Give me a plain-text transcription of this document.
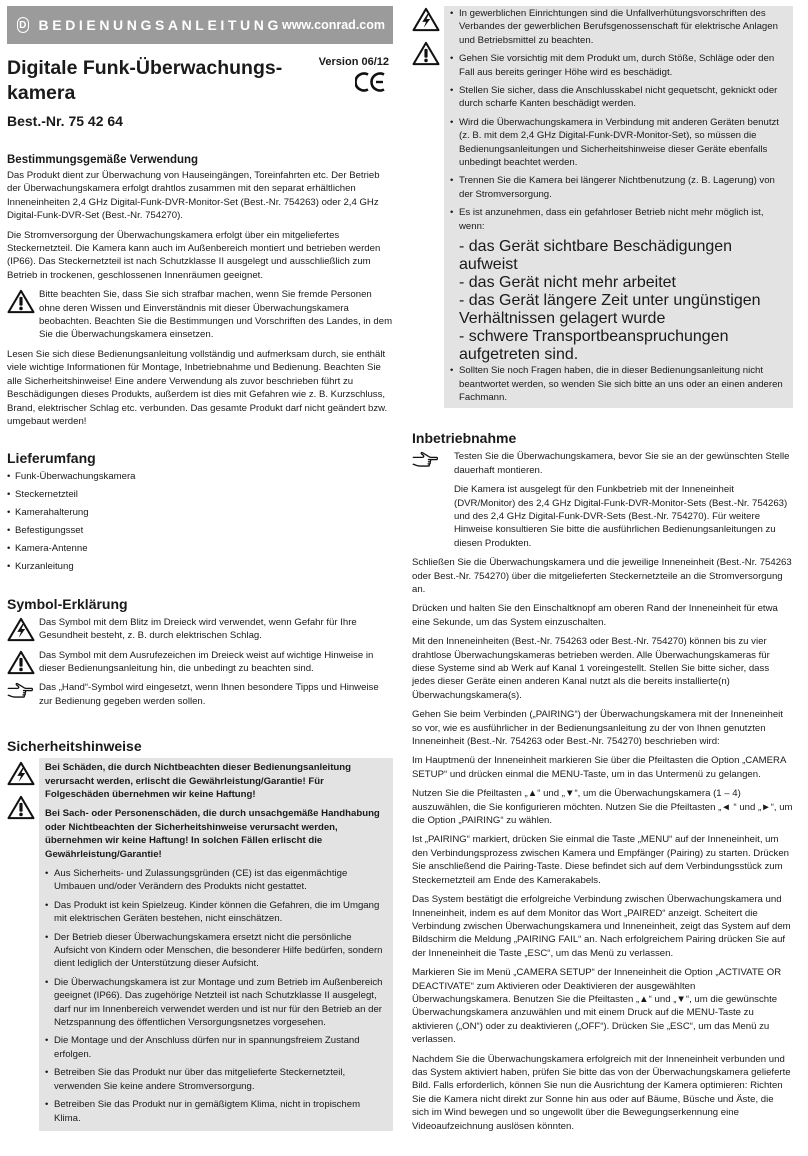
D BEDIENUNGSANLEITUNG www.conrad.com
Digitale Funk-Überwachungs-kamera
Version 06/12
Best.-Nr. 75 42 64
Bestimmungsgemäße Verwendung

Das Produkt dient zur Überwachung von Hauseingängen, Toreinfahrten etc. Der Betrieb der Überwachungskamera erfolgt drahtlos zusammen mit den separat erhältlichen Inneneinheiten 2,4 GHz Digital-Funk-DVR-Monitor-Set (Best.-Nr. 754263) oder 2,4 GHz Digital-Funk-DVR-Set (Best.-Nr. 754270).

Die Stromversorgung der Überwachungskamera erfolgt über ein mitgeliefertes Steckernetzteil. Die Kamera kann auch im Außenbereich montiert und betrieben werden (IP66). Das Steckernetzteil ist nach Schutzklasse II ausgelegt und ausschließlich zum Betrieb in trockenen, geschlossenen Innenräumen geeignet.

Bitte beachten Sie, dass Sie sich strafbar machen, wenn Sie fremde Personen ohne deren Wissen und Einverständnis mit dieser Überwachungskamera beobachten. Beachten Sie die Bestimmungen und Vorschriften des Landes, in dem Sie die Überwachungskamera einsetzen.

Lesen Sie sich diese Bedienungsanleitung vollständig und aufmerksam durch, sie enthält viele wichtige Informationen für Montage, Inbetriebnahme und Bedienung. Beachten Sie alle Sicherheitshinweise! Eine andere Verwendung als zuvor beschrieben führt zu Beschädigungen dieses Produkts, außerdem ist dies mit Gefahren wie z. B. Kurzschluss, Brand, elektrischer Schlag etc. verbunden. Das gesamte Produkt darf nicht geändert bzw. umgebaut werden!

Lieferumfang
• Funk-Überwachungskamera
• Steckernetzteil
• Kamerahalterung
• Befestigungsset
• Kamera-Antenne
• Kurzanleitung
Symbol-Erklärung

Das Symbol mit dem Blitz im Dreieck wird verwendet, wenn Gefahr für Ihre Gesundheit besteht, z. B. durch elektrischen Schlag.

Das Symbol mit dem Ausrufezeichen im Dreieck weist auf wichtige Hinweise in dieser Bedienungsanleitung hin, die unbedingt zu beachten sind.

Das „Hand“-Symbol wird eingesetzt, wenn Ihnen besondere Tipps und Hinweise zur Bedienung gegeben werden sollen.

Sicherheitshinweise

Bei Schäden, die durch Nichtbeachten dieser Bedienungsanleitung verursacht werden, erlischt die Gewährleistung/Garantie! Für Folgeschäden übernehmen wir keine Haftung!

Bei Sach- oder Personenschäden, die durch unsachgemäße Handhabung oder Nichtbeachten der Sicherheitshinweise verursacht werden, übernehmen wir keine Haftung! In solchen Fällen erlischt die Gewährleistung/Garantie!

• Aus Sicherheits- und Zulassungsgründen (CE) ist das eigenmächtige Umbauen und/oder Verändern des Produkts nicht gestattet.
• Das Produkt ist kein Spielzeug. Kinder können die Gefahren, die im Umgang mit elektrischen Geräten bestehen, nicht einschätzen.
• Der Betrieb dieser Überwachungskamera ersetzt nicht die persönliche Aufsicht von Kindern oder Menschen, die besonderer Hilfe bedürfen, sondern dient lediglich der Unterstützung dieser Aufsicht.
• Die Überwachungskamera ist zur Montage und zum Betrieb im Außenbereich geeignet (IP66). Das zugehörige Netzteil ist nach Schutzklasse II ausgelegt, darf nur im Innenbereich verwendet werden und ist nur für den Betrieb an der Netzspannung des öffentlichen Versorgungsnetzes vorgesehen.
• Die Montage und der Anschluss dürfen nur in spannungsfreiem Zustand erfolgen.
• Betreiben Sie das Produkt nur über das mitgelieferte Steckernetzteil, verwenden Sie keine andere Stromversorgung.
• Betreiben Sie das Produkt nur in gemäßigtem Klima, nicht in tropischem Klima.

• In gewerblichen Einrichtungen sind die Unfallverhütungsvorschriften des Verbandes der gewerblichen Berufsgenossenschaft für elektrische Anlagen und Betriebsmittel zu beachten.
• Gehen Sie vorsichtig mit dem Produkt um, durch Stöße, Schläge oder den Fall aus bereits geringer Höhe wird es beschädigt.
• Stellen Sie sicher, dass die Anschlusskabel nicht gequetscht, geknickt oder durch scharfe Kanten beschädigt werden.
• Wird die Überwachungskamera in Verbindung mit anderen Geräten benutzt (z. B. mit dem 2,4 GHz Digital-Funk-DVR-Monitor-Set), so müssen die Bedienungsanleitungen und Sicherheitshinweise dieser Geräte ebenfalls unbedingt beachtet werden.
• Trennen Sie die Kamera bei längerer Nichtbenutzung (z. B. Lagerung) von der Stromversorgung.
• Es ist anzunehmen, dass ein gefahrloser Betrieb nicht mehr möglich ist, wenn:
- das Gerät sichtbare Beschädigungen aufweist
- das Gerät nicht mehr arbeitet
- das Gerät längere Zeit unter ungünstigen Verhältnissen gelagert wurde
- schwere Transportbeanspruchungen aufgetreten sind.
• Sollten Sie noch Fragen haben, die in dieser Bedienungsanleitung nicht beantwortet werden, so wenden Sie sich bitte an uns oder an einen anderen Fachmann.
Inbetriebnahme

Testen Sie die Überwachungskamera, bevor Sie sie an der gewünschten Stelle dauerhaft montieren.

Die Kamera ist ausgelegt für den Funkbetrieb mit der Inneneinheit (DVR/Monitor) des 2,4 GHz Digital-Funk-DVR-Monitor-Sets (Best.-Nr. 754263) und des 2,4 GHz Digital-Funk-DVR-Sets (Best.-Nr. 754270). Für weitere Hinweise konsultieren Sie bitte die ausführlichen Bedienungsanleitungen zu diesen Produkten.

Schließen Sie die Überwachungskamera und die jeweilige Inneneinheit (Best.-Nr. 754263 oder Best.-Nr. 754270) über die mitgelieferten Steckernetzteile an die Stromversorgung an.

Drücken und halten Sie den Einschaltknopf am oberen Rand der Inneneinheit für etwa eine Sekunde, um das System einzuschalten.

Mit den Inneneinheiten (Best.-Nr. 754263 oder Best.-Nr. 754270) können bis zu vier drahtlose Überwachungskameras betrieben werden. Alle Überwachungskameras für diese Systeme sind ab Werk auf Kanal 1 voreingestellt. Stellen Sie bitte sicher, dass jedes dieser Geräte einen anderen Kanal nutzt als die bereits installierte(n) Überwachungskamera(s).

Gehen Sie beim Verbinden („PAIRING“) der Überwachungskamera mit der Inneneinheit so vor, wie es ausführlicher in der Bedienungsanleitung zu der von Ihnen genutzten Inneneinheit (Best.-Nr. 754263 oder Best.-Nr. 754270) beschrieben wird:

Im Hauptmenü der Inneneinheit markieren Sie über die Pfeiltasten die Option „CAMERA SETUP“ und drücken einmal die MENU-Taste, um in das Untermenü zu gelangen.

Nutzen Sie die Pfeiltasten „▲“ und „▼“, um die Überwachungskamera (1 – 4) auszuwählen, die Sie konfigurieren möchten. Nutzen Sie die Pfeiltasten „◄ “ und „►“, um die Option „PAIRING“ zu wählen.

Ist „PAIRING“ markiert, drücken Sie einmal die Taste „MENU“ auf der Inneneinheit, um den Verbindungsprozess zwischen Kamera und Empfänger (Pairing) zu starten. Drücken Sie anschließend die Pairing-Taste. Diese befindet sich auf dem Verbindungsstück zum Steckernetzteil am Ende des Kamerakabels.

Das System bestätigt die erfolgreiche Verbindung zwischen Überwachungskamera und Inneneinheit, indem es auf dem Monitor das Wort „PAIRED“ anzeigt. Scheitert die Verbindung zwischen Überwachungskamera und Inneneinheit, zeigt das System auf dem Bildschirm die Meldung „PAIRING FAIL“ an. Nach erfolgreichem Pairing drücken Sie auf der Inneneinheit die Taste „ESC“, um das Menü zu verlassen.

Markieren Sie im Menü „CAMERA SETUP“ der Inneneinheit die Option „ACTIVATE OR DEACTIVATE“ zum Aktivieren oder Deaktivieren der ausgewählten Überwachungskamera. Benutzen Sie die Pfeiltasten „▲“ und „▼“, um die gewünschte Überwachungskamera anzuwählen und mit einem Druck auf die MENU-Taste zu aktivieren („ON“) oder zu deaktivieren („OFF“). Drücken Sie „ESC“, um das Menü zu verlassen.

Nachdem Sie die Überwachungskamera erfolgreich mit der Inneneinheit verbunden und das System aktiviert haben, prüfen Sie bitte das von der Überwachungskamera gelieferte Bild. Falls erforderlich, können Sie nun die Ausrichtung der Kamera optimieren: Richten Sie die Kamera nicht direkt zur Sonne hin aus oder auf Bäume, Büsche und Äste, die sich im Wind bewegen und so ungewollt über die Bewegungserkennung eine Videoaufzeichnung auslösen könnten.
